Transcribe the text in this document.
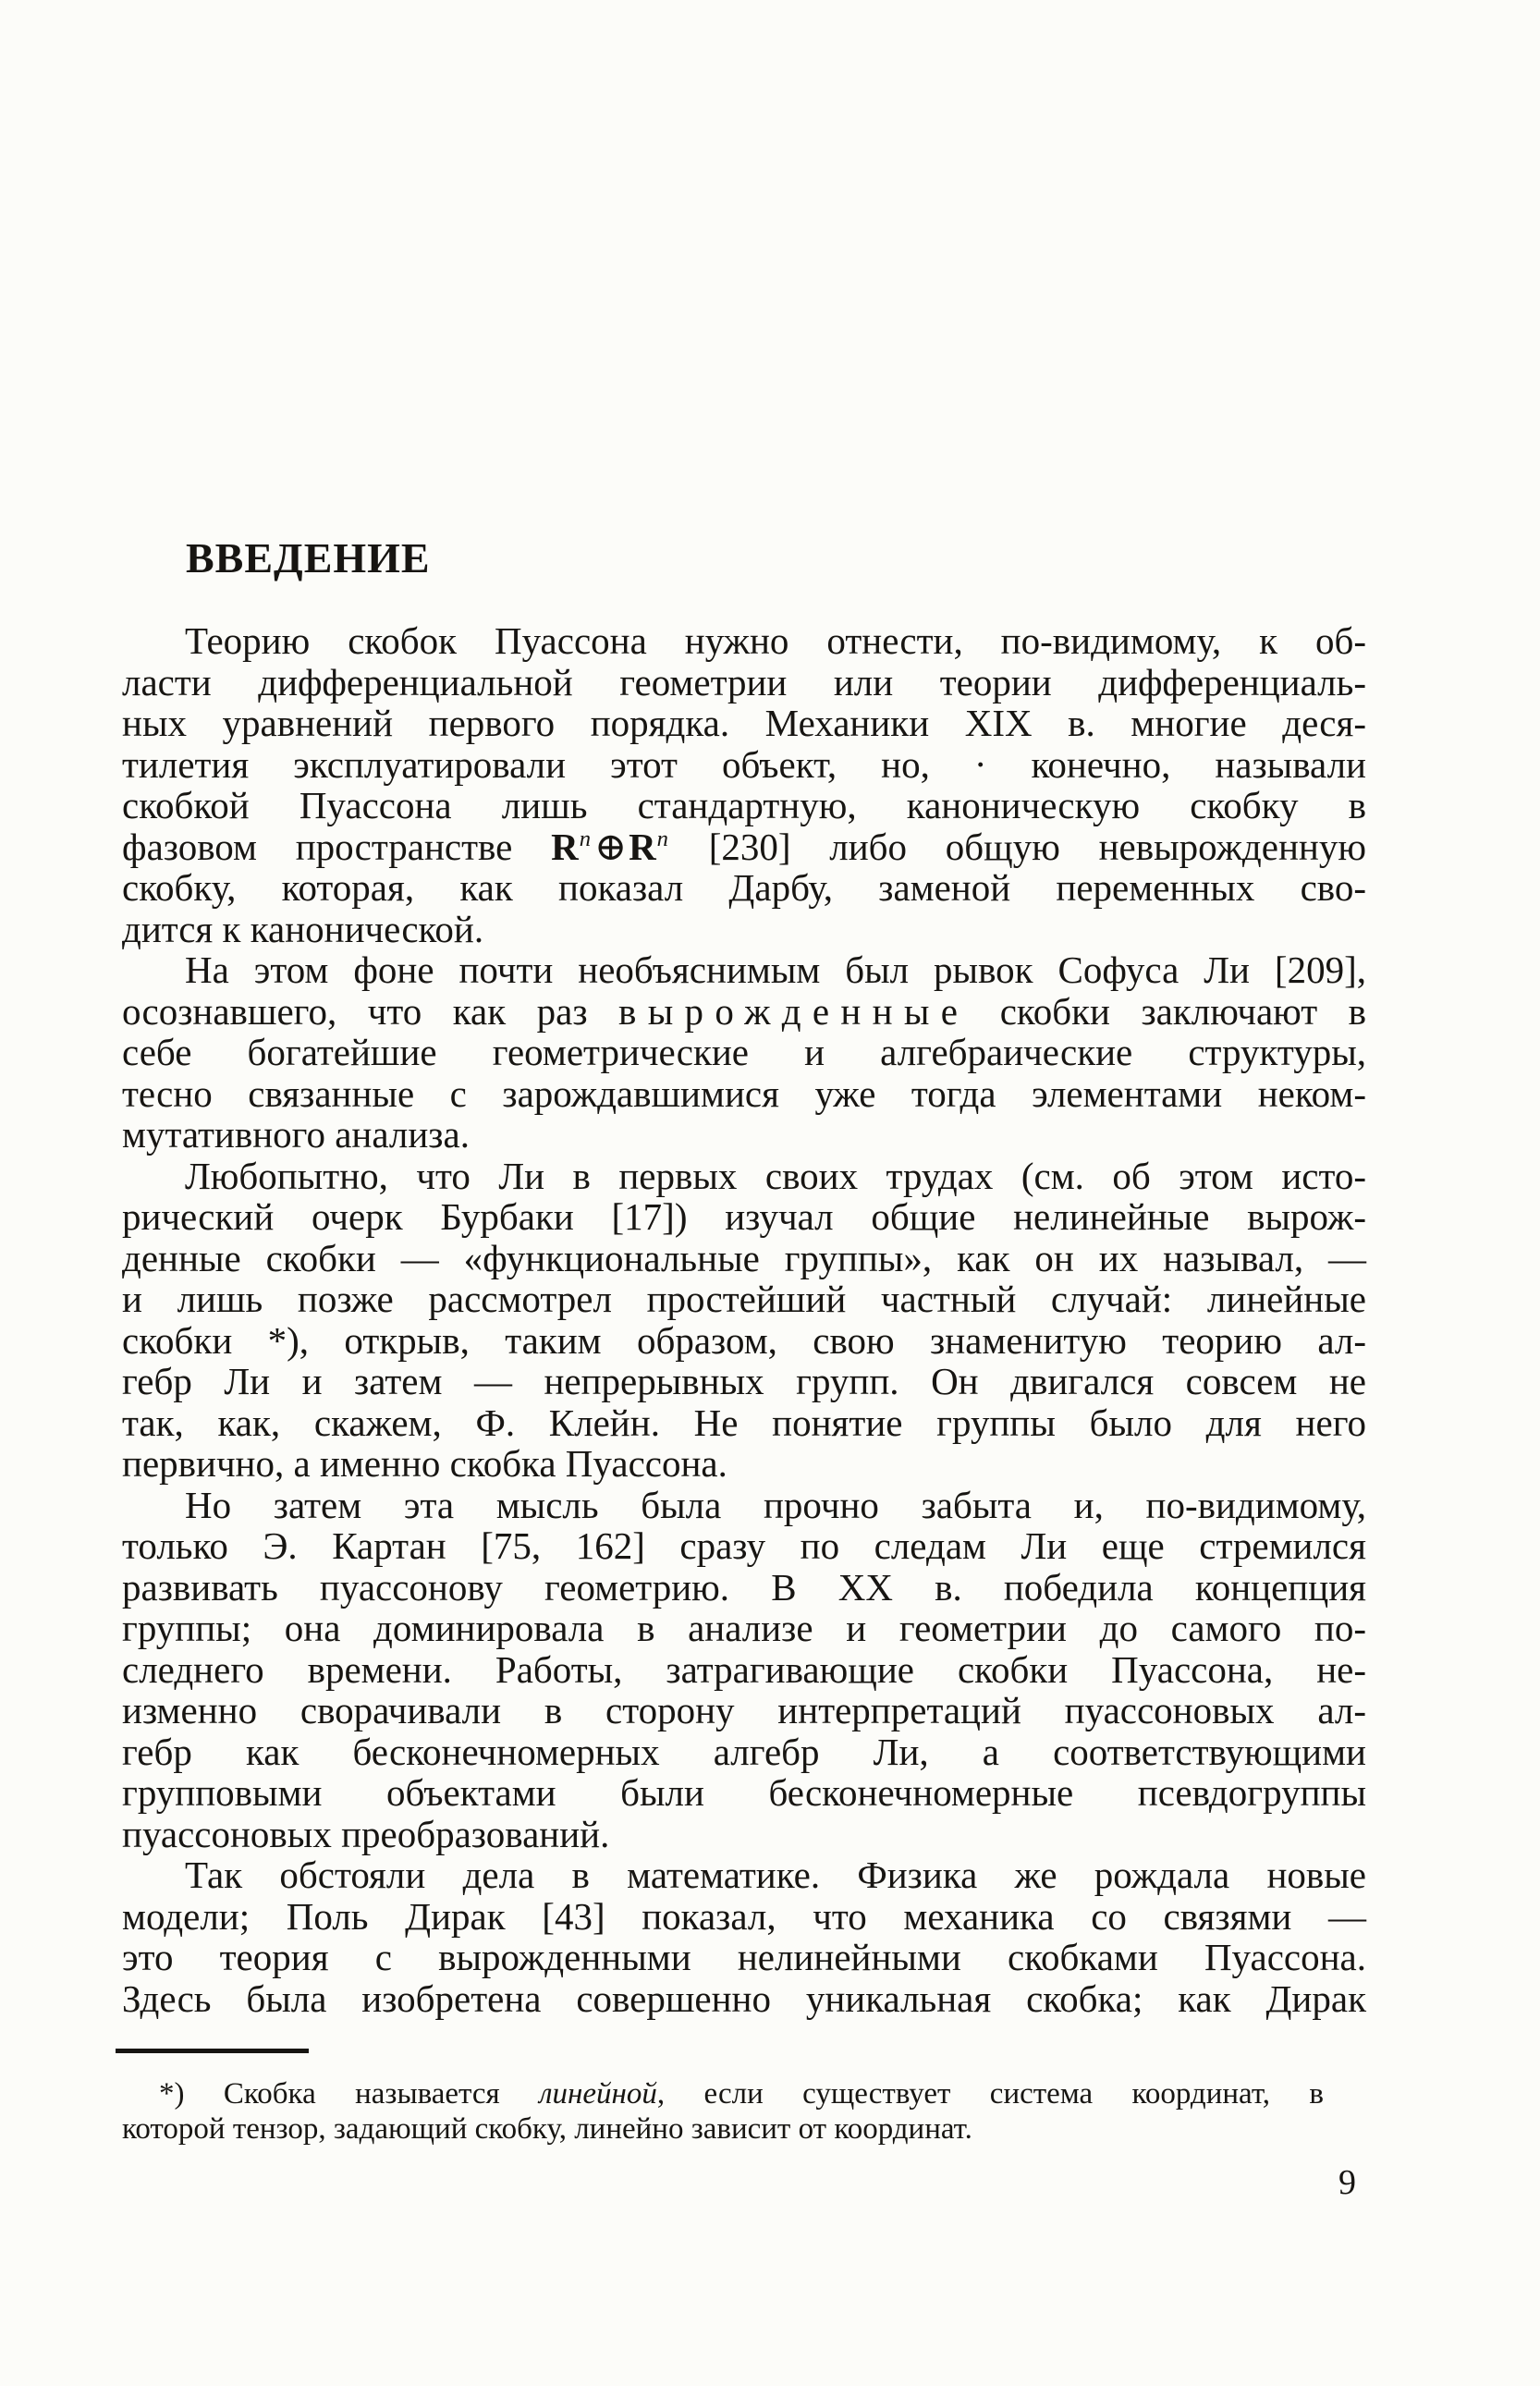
ВВЕДЕНИЕ
Теорию скобок Пуассона нужно отнести, по-видимому, к об-
ласти дифференциальной геометрии или теории дифференциаль-
ных уравнений первого порядка. Механики XIX в. многие деся-
тилетия эксплуатировали этот объект, но, · конечно, называли
скобкой Пуассона лишь стандартную, каноническую скобку в
фазовом пространстве $R^n\oplus R^n$ [230] либо общую невырожденную
скобку, которая, как показал Дарбу, заменой переменных сво-
дится к канонической.
На этом фоне почти необъяснимым был рывок Софуса Ли [209],
осознавшего, что как раз вырожденные скобки заключают в
себе богатейшие геометрические и алгебраические структуры,
тесно связанные с зарождавшимися уже тогда элементами неком-
мутативного анализа.
Любопытно, что Ли в первых своих трудах (см. об этом исто-
рический очерк Бурбаки [17]) изучал общие нелинейные вырож-
денные скобки — «функциональные группы», как он их называл, —
и лишь позже рассмотрел простейший частный случай: линейные
скобки *), открыв, таким образом, свою знаменитую теорию ал-
гебр Ли и затем — непрерывных групп. Он двигался совсем не
так, как, скажем, Ф. Клейн. Не понятие группы было для него
первично, а именно скобка Пуассона.
Но затем эта мысль была прочно забыта и, по-видимому,
только Э. Картан [75, 162] сразу по следам Ли еще стремился
развивать пуассонову геометрию. В XX в. победила концепция
группы; она доминировала в анализе и геометрии до самого по-
следнего времени. Работы, затрагивающие скобки Пуассона, не-
изменно сворачивали в сторону интерпретаций пуассоновых ал-
гебр как бесконечномерных алгебр Ли, а соответствующими
групповыми объектами были бесконечномерные псевдогруппы
пуассоновых преобразований.
Так обстояли дела в математике. Физика же рождала новые
модели; Поль Дирак [43] показал, что механика со связями —
это теория с вырожденными нелинейными скобками Пуассона.
Здесь была изобретена совершенно уникальная скобка; как Дирак
*) Скобка называется линейной, если существует система координат, в
которой тензор, задающий скобку, линейно зависит от координат.
9
